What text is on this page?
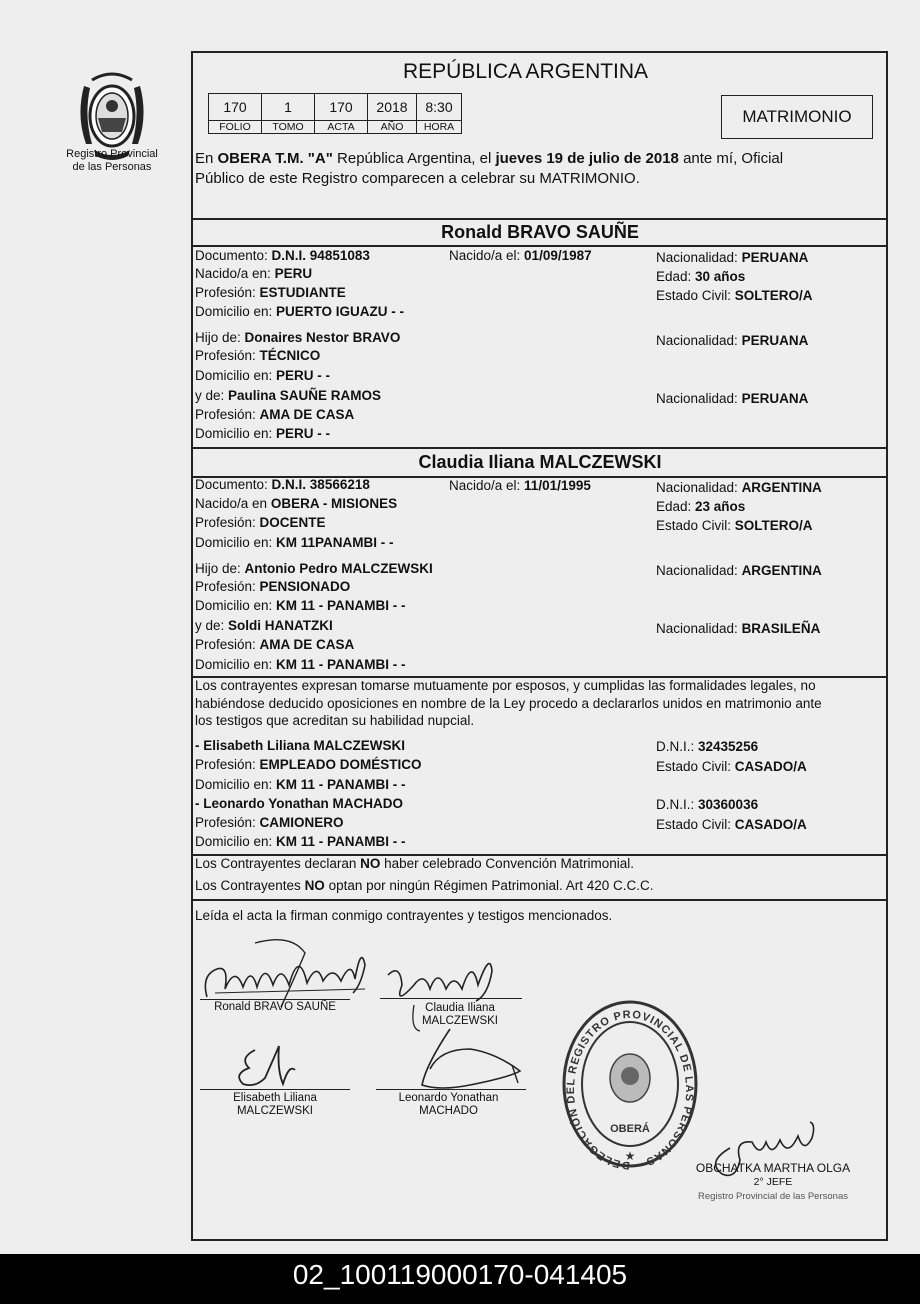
Registro Provincial
de las Personas
REPÚBLICA ARGENTINA
170	1	170	2018	8:30
FOLIO	TOMO	ACTA	AÑO	HORA
MATRIMONIO
En OBERA T.M. "A" República Argentina, el jueves 19 de julio de 2018 ante mí, Oficial
Público de este Registro comparecen a celebrar su MATRIMONIO.
Ronald BRAVO SAUÑE
Documento: D.N.I. 94851083	Nacido/a el: 01/09/1987	Nacionalidad: PERUANA
Nacido/a en: PERU	Edad: 30 años
Profesión: ESTUDIANTE	Estado Civil: SOLTERO/A
Domicilio en: PUERTO IGUAZU - -
Hijo de: Donaires Nestor BRAVO	Nacionalidad: PERUANA
Profesión: TÉCNICO
Domicilio en: PERU - -
y de: Paulina SAUÑE RAMOS	Nacionalidad: PERUANA
Profesión: AMA DE CASA
Domicilio en: PERU - -
Claudia Iliana MALCZEWSKI
Documento: D.N.I. 38566218	Nacido/a el: 11/01/1995	Nacionalidad: ARGENTINA
Nacido/a en OBERA - MISIONES	Edad: 23 años
Profesión: DOCENTE	Estado Civil: SOLTERO/A
Domicilio en: KM 11PANAMBI - -
Hijo de: Antonio Pedro MALCZEWSKI	Nacionalidad: ARGENTINA
Profesión: PENSIONADO
Domicilio en: KM 11 - PANAMBI - -
y de: Soldi HANATZKI	Nacionalidad: BRASILEÑA
Profesión: AMA DE CASA
Domicilio en: KM 11 - PANAMBI - -
Los contrayentes expresan tomarse mutuamente por esposos, y cumplidas las formalidades legales, no
habiéndose deducido oposiciones en nombre de la Ley procedo a declararlos unidos en matrimonio ante
los testigos que acreditan su habilidad nupcial.
- Elisabeth Liliana MALCZEWSKI	D.N.I.: 32435256
Profesión: EMPLEADO DOMÉSTICO	Estado Civil: CASADO/A
Domicilio en: KM 11 - PANAMBI - -
- Leonardo Yonathan MACHADO	D.N.I.: 30360036
Profesión: CAMIONERO	Estado Civil: CASADO/A
Domicilio en: KM 11 - PANAMBI - -
Los Contrayentes declaran NO haber celebrado Convención Matrimonial.
Los Contrayentes NO optan por ningún Régimen Patrimonial. Art 420 C.C.C.
Leída el acta la firman conmigo contrayentes y testigos mencionados.
Ronald BRAVO SAUÑE	Claudia Iliana
MALCZEWSKI
Elisabeth Liliana
MALCZEWSKI
Leonardo Yonathan
MACHADO
DELEGACIÓN DEL REGISTRO PROVINCIAL DE LAS PERSONAS
OBERÁ
★
OBCHATKA MARTHA OLGA
2° JEFE
Registro Provincial de las Personas
02_100119000170-041405
